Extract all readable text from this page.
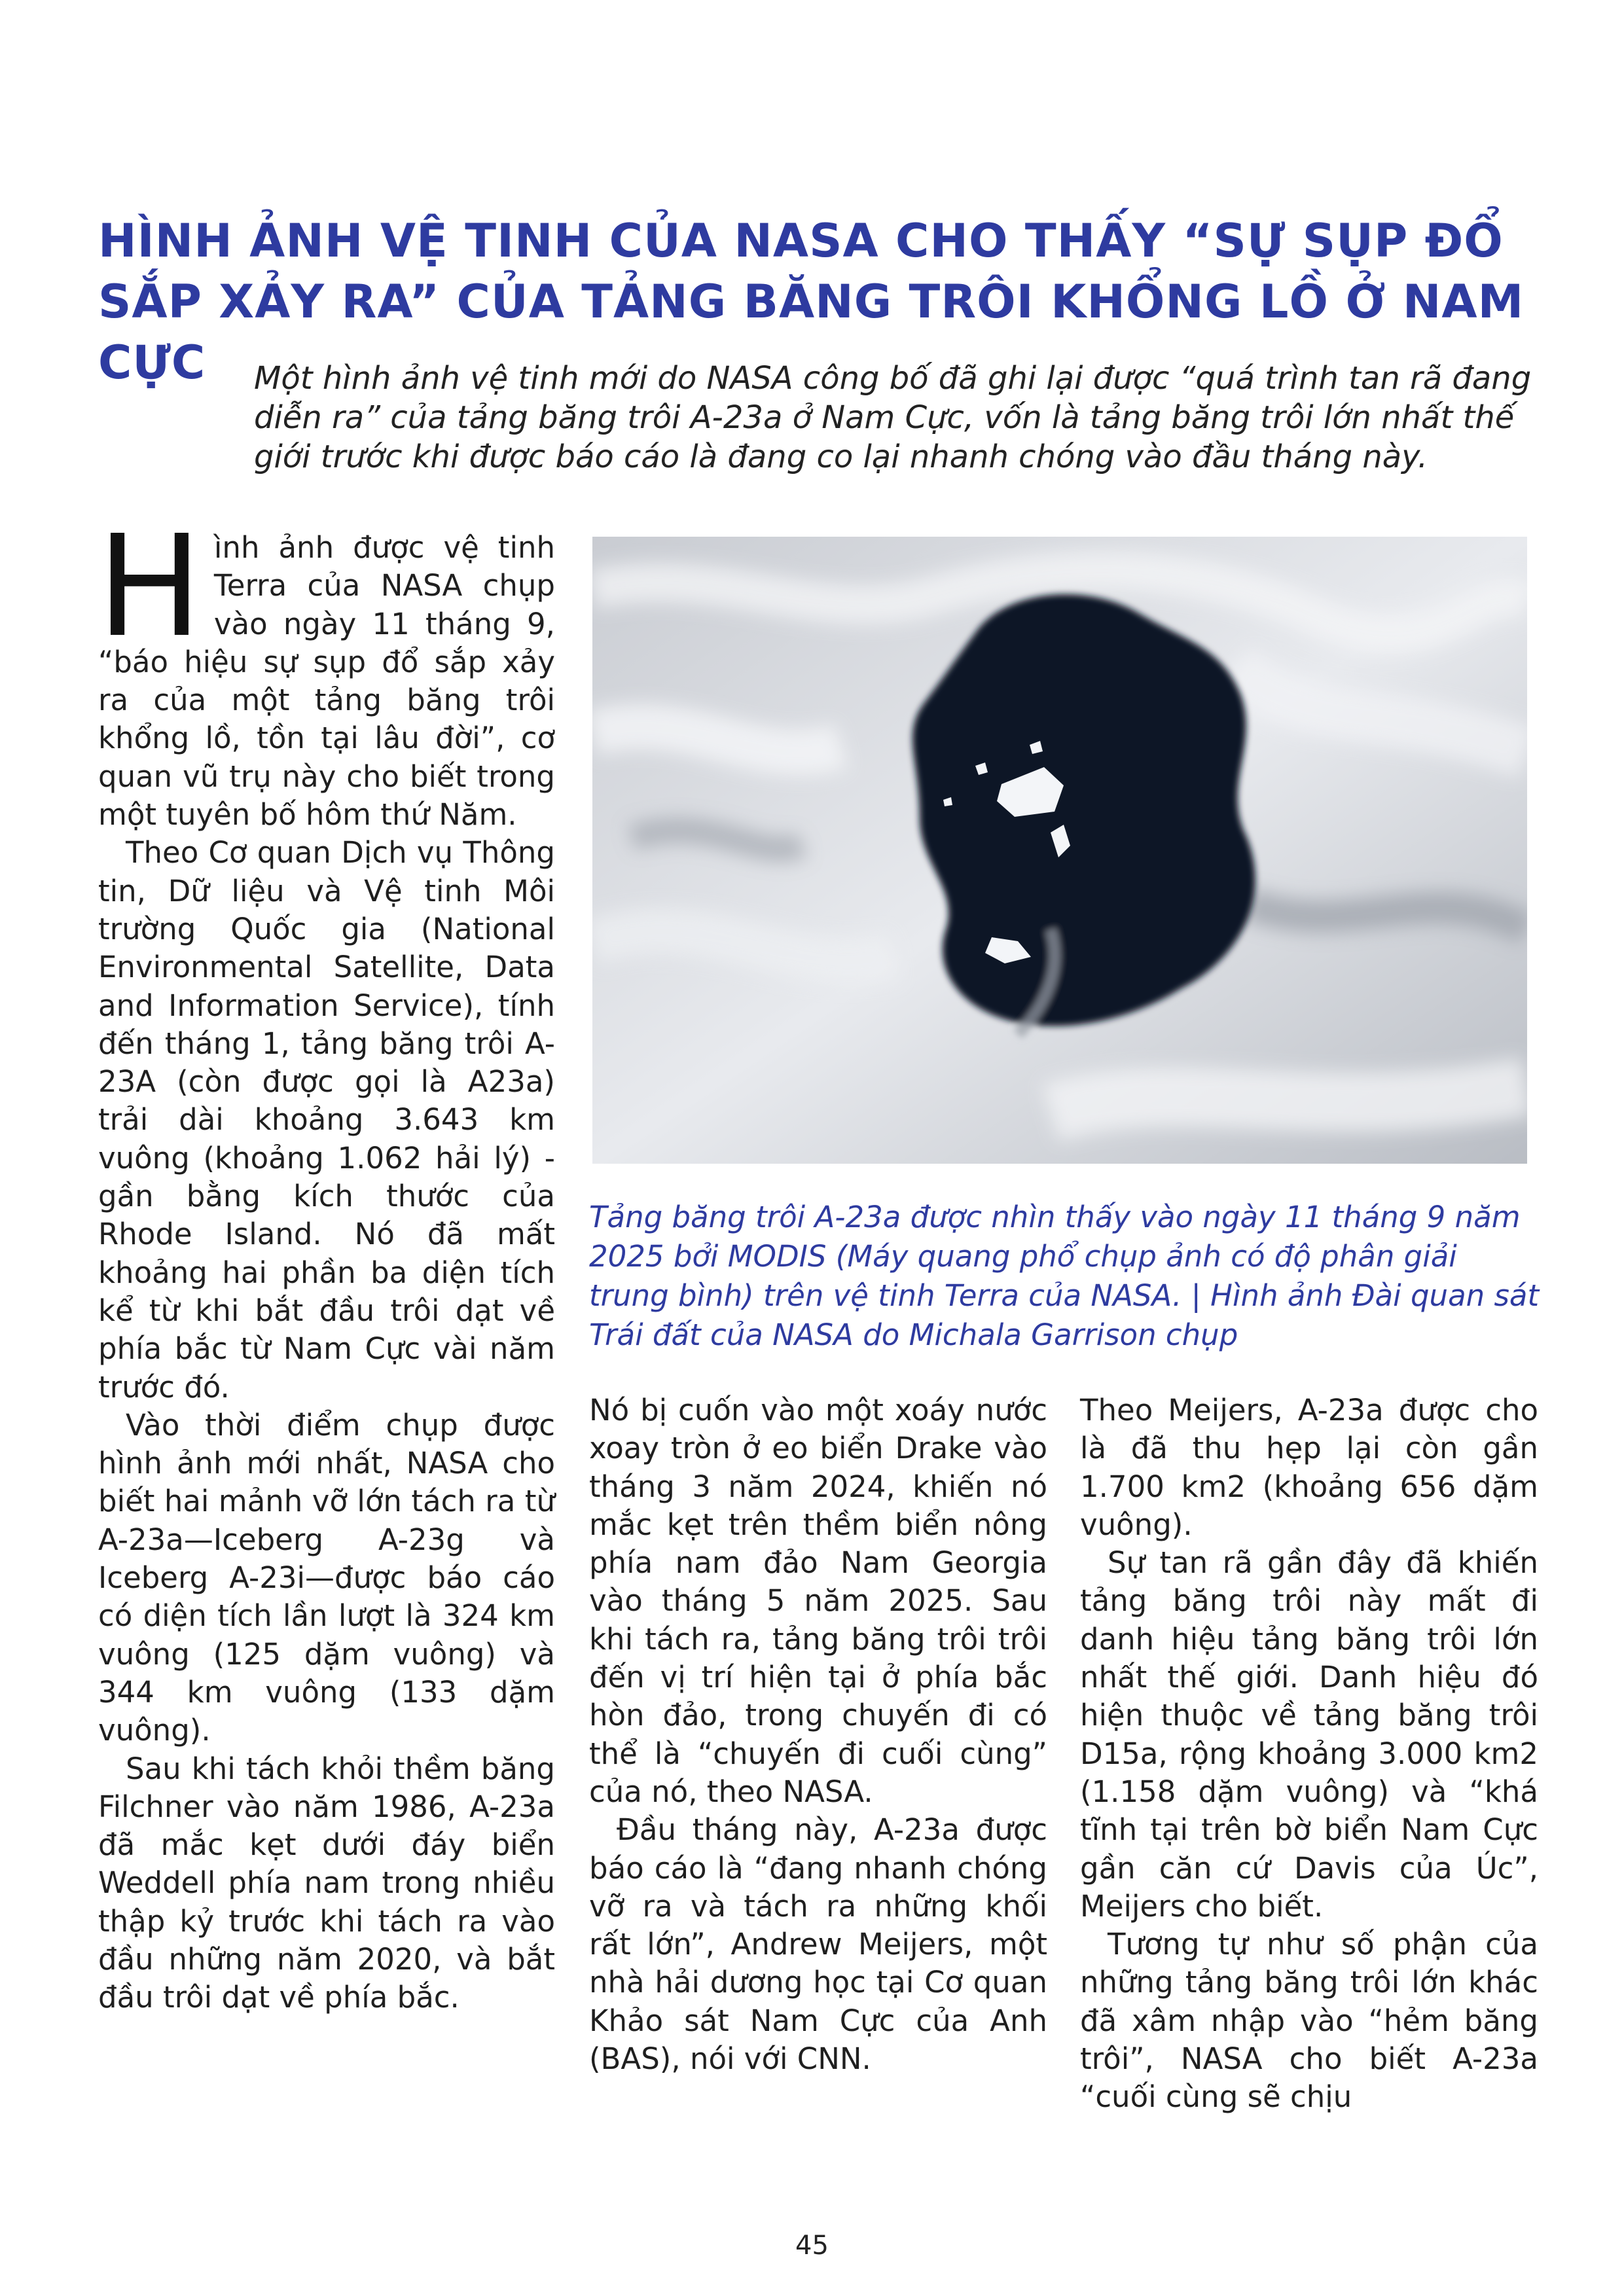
HÌNH ẢNH VỆ TINH CỦA NASA CHO THẤY “SỰ SỤP ĐỔ SẮP XẢY RA” CỦA TẢNG BĂNG TRÔI KHỔNG LỒ Ở NAM CỰC	Một hình ảnh vệ tinh mới do NASA công bố đã ghi lại được “quá trình tan rã đang diễn ra” của tảng băng trôi A-23a ở Nam Cực, vốn là tảng băng trôi lớn nhất thế giới trước khi được báo cáo là đang co lại nhanh chóng vào đầu tháng này.

Hình ảnh được vệ tinh Terra của NASA chụp vào ngày 11 tháng 9, “báo hiệu sự sụp đổ sắp xảy ra của một tảng băng trôi khổng lồ, tồn tại lâu đời”, cơ quan vũ trụ này cho biết trong một tuyên bố hôm thứ Năm.

Theo Cơ quan Dịch vụ Thông tin, Dữ liệu và Vệ tinh Môi trường Quốc gia (National Environmental Satellite, Data and Information Service), tính đến tháng 1, tảng băng trôi A-23A (còn được gọi là A23a) trải dài khoảng 3.643 km vuông (khoảng 1.062 hải lý) - gần bằng kích thước của Rhode Island. Nó đã mất khoảng hai phần ba diện tích kể từ khi bắt đầu trôi dạt về phía bắc từ Nam Cực vài năm trước đó.

Vào thời điểm chụp được hình ảnh mới nhất, NASA cho biết hai mảnh vỡ lớn tách ra từ A-23a—Iceberg A-23g và Iceberg A-23i—được báo cáo có diện tích lần lượt là 324 km vuông (125 dặm vuông) và 344 km vuông (133 dặm vuông).

Sau khi tách khỏi thềm băng Filchner vào năm 1986, A-23a đã mắc kẹt dưới đáy biển Weddell phía nam trong nhiều thập kỷ trước khi tách ra vào đầu những năm 2020, và bắt đầu trôi dạt về phía bắc.

Tảng băng trôi A-23a được nhìn thấy vào ngày 11 tháng 9 năm 2025 bởi MODIS (Máy quang phổ chụp ảnh có độ phân giải trung bình) trên vệ tinh Terra của NASA. | Hình ảnh Đài quan sát Trái đất của NASA do Michala Garrison chụp

Nó bị cuốn vào một xoáy nước xoay tròn ở eo biển Drake vào tháng 3 năm 2024, khiến nó mắc kẹt trên thềm biển nông phía nam đảo Nam Georgia vào tháng 5 năm 2025. Sau khi tách ra, tảng băng trôi trôi đến vị trí hiện tại ở phía bắc hòn đảo, trong chuyến đi có thể là “chuyến đi cuối cùng” của nó, theo NASA.

Đầu tháng này, A-23a được báo cáo là “đang nhanh chóng vỡ ra và tách ra những khối rất lớn”, Andrew Meijers, một nhà hải dương học tại Cơ quan Khảo sát Nam Cực của Anh (BAS), nói với CNN.

Theo Meijers, A-23a được cho là đã thu hẹp lại còn gần 1.700 km2 (khoảng 656 dặm vuông).

Sự tan rã gần đây đã khiến tảng băng trôi này mất đi danh hiệu tảng băng trôi lớn nhất thế giới. Danh hiệu đó hiện thuộc về tảng băng trôi D15a, rộng khoảng 3.000 km2 (1.158 dặm vuông) và “khá tĩnh tại trên bờ biển Nam Cực gần căn cứ Davis của Úc”, Meijers cho biết.

Tương tự như số phận của những tảng băng trôi lớn khác đã xâm nhập vào “hẻm băng trôi”, NASA cho biết A-23a “cuối cùng sẽ chịu

45
